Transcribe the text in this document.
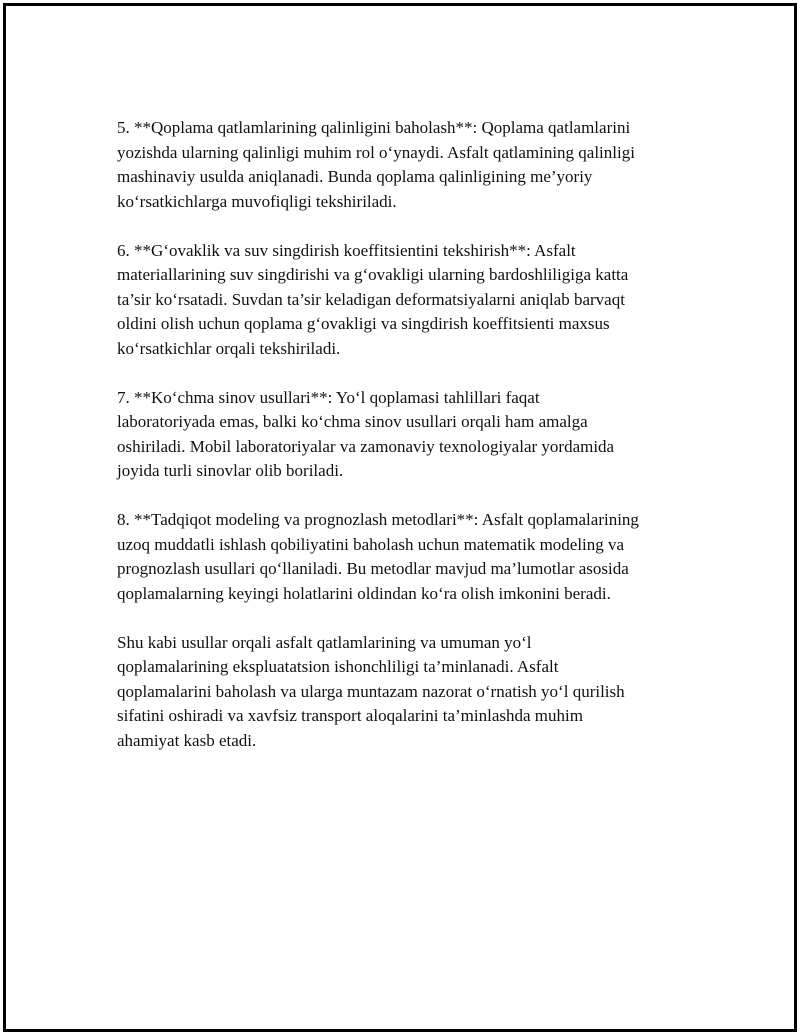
5. **Qoplama qatlamlarining qalinligini baholash**: Qoplama qatlamlarini
yozishda ularning qalinligi muhim rol o‘ynaydi. Asfalt qatlamining qalinligi
mashinaviy usulda aniqlanadi. Bunda qoplama qalinligining me’yoriy
ko‘rsatkichlarga muvofiqligi tekshiriladi.

6. **G‘ovaklik va suv singdirish koeffitsientini tekshirish**: Asfalt
materiallarining suv singdirishi va g‘ovakligi ularning bardoshliligiga katta
ta’sir ko‘rsatadi. Suvdan ta’sir keladigan deformatsiyalarni aniqlab barvaqt
oldini olish uchun qoplama g‘ovakligi va singdirish koeffitsienti maxsus
ko‘rsatkichlar orqali tekshiriladi.

7. **Ko‘chma sinov usullari**: Yo‘l qoplamasi tahlillari faqat
laboratoriyada emas, balki ko‘chma sinov usullari orqali ham amalga
oshiriladi. Mobil laboratoriyalar va zamonaviy texnologiyalar yordamida
joyida turli sinovlar olib boriladi.

8. **Tadqiqot modeling va prognozlash metodlari**: Asfalt qoplamalarining
uzoq muddatli ishlash qobiliyatini baholash uchun matematik modeling va
prognozlash usullari qo‘llaniladi. Bu metodlar mavjud ma’lumotlar asosida
qoplamalarning keyingi holatlarini oldindan ko‘ra olish imkonini beradi.

Shu kabi usullar orqali asfalt qatlamlarining va umuman yo‘l
qoplamalarining ekspluatatsion ishonchliligi ta’minlanadi. Asfalt
qoplamalarini baholash va ularga muntazam nazorat o‘rnatish yo‘l qurilish
sifatini oshiradi va xavfsiz transport aloqalarini ta’minlashda muhim
ahamiyat kasb etadi.
